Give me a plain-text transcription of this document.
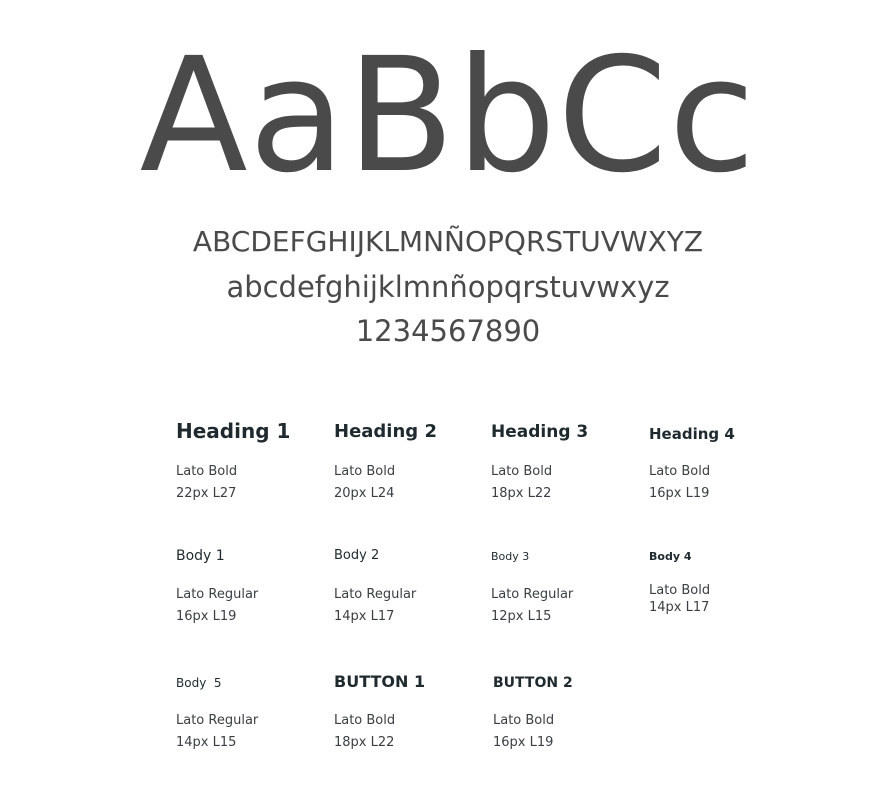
AaBbCc
ABCDEFGHIJKLMNÑOPQRSTUVWXYZ
abcdefghijklmnñopqrstuvwxyz
1234567890
Heading 1
Lato Bold
22px L27
Heading 2
Lato Bold
20px L24
Heading 3
Lato Bold
18px L22
Heading 4
Lato Bold
16px L19
Body 1
Lato Regular
16px L19
Body 2
Lato Regular
14px L17
Body 3
Lato Regular
12px L15
Body 4
Lato Bold
14px L17
Body  5
Lato Regular
14px L15
BUTTON 1
Lato Bold
18px L22
BUTTON 2
Lato Bold
16px L19
